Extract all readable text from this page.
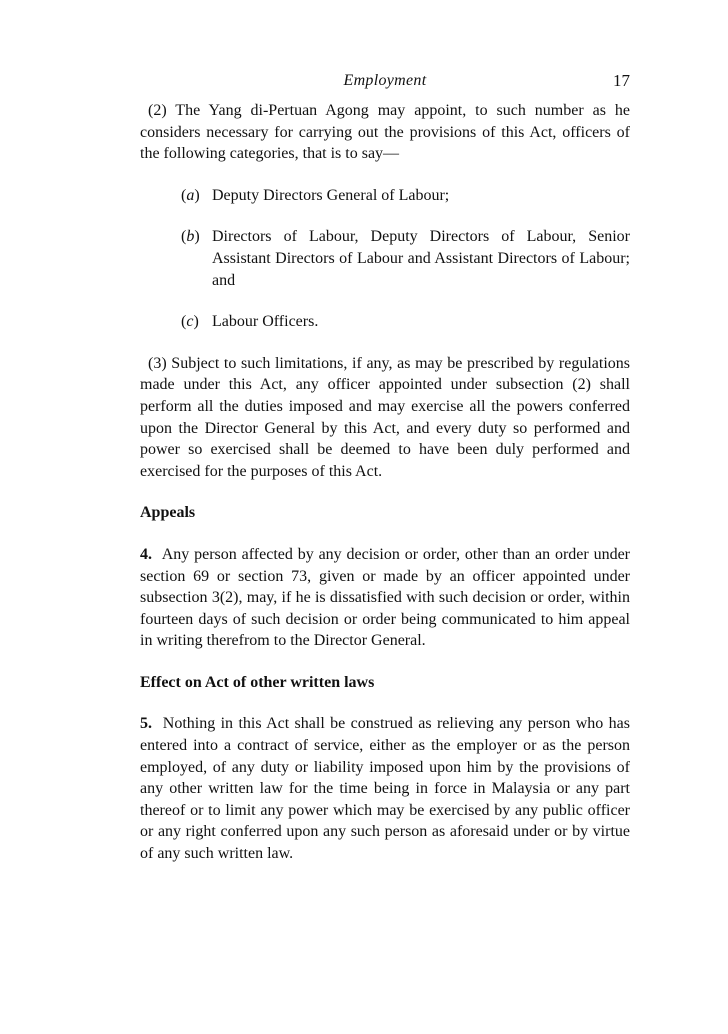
Employment	17

(2) The Yang di-Pertuan Agong may appoint, to such number as he considers necessary for carrying out the provisions of this Act, officers of the following categories, that is to say—

(a) Deputy Directors General of Labour;
(b) Directors of Labour, Deputy Directors of Labour, Senior Assistant Directors of Labour and Assistant Directors of Labour; and
(c) Labour Officers.

(3) Subject to such limitations, if any, as may be prescribed by regulations made under this Act, any officer appointed under subsection (2) shall perform all the duties imposed and may exercise all the powers conferred upon the Director General by this Act, and every duty so performed and power so exercised shall be deemed to have been duly performed and exercised for the purposes of this Act.

Appeals

4. Any person affected by any decision or order, other than an order under section 69 or section 73, given or made by an officer appointed under subsection 3(2), may, if he is dissatisfied with such decision or order, within fourteen days of such decision or order being communicated to him appeal in writing therefrom to the Director General.

Effect on Act of other written laws

5. Nothing in this Act shall be construed as relieving any person who has entered into a contract of service, either as the employer or as the person employed, of any duty or liability imposed upon him by the provisions of any other written law for the time being in force in Malaysia or any part thereof or to limit any power which may be exercised by any public officer or any right conferred upon any such person as aforesaid under or by virtue of any such written law.
